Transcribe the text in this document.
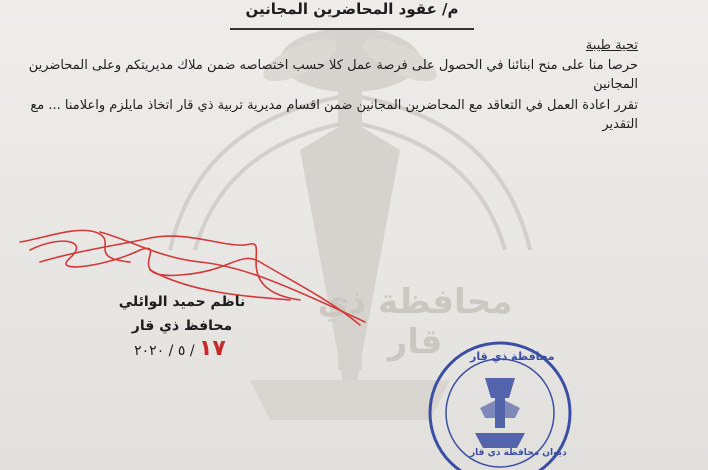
محافظة ذي قار
م/ عقود المحاضرين المجانين
تحية طيبة

حرصا منا على منح ابنائنا في الحصول على فرصة عمل كلا حسب اختصاصه ضمن ملاك مديريتكم وعلى المحاضرين المجانين

تقرر اعادة العمل في التعاقد مع المحاضرين المجانين ضمن اقسام مديرية تربية ذي قار اتخاذ مايلزم واعلامنا ... مع التقدير

ناظم حميد الوائلي
محافظ ذي قار
١٧ / ٥ / ٢٠٢٠	محافظة ذي قار
ديوان محافظة ذي قار
